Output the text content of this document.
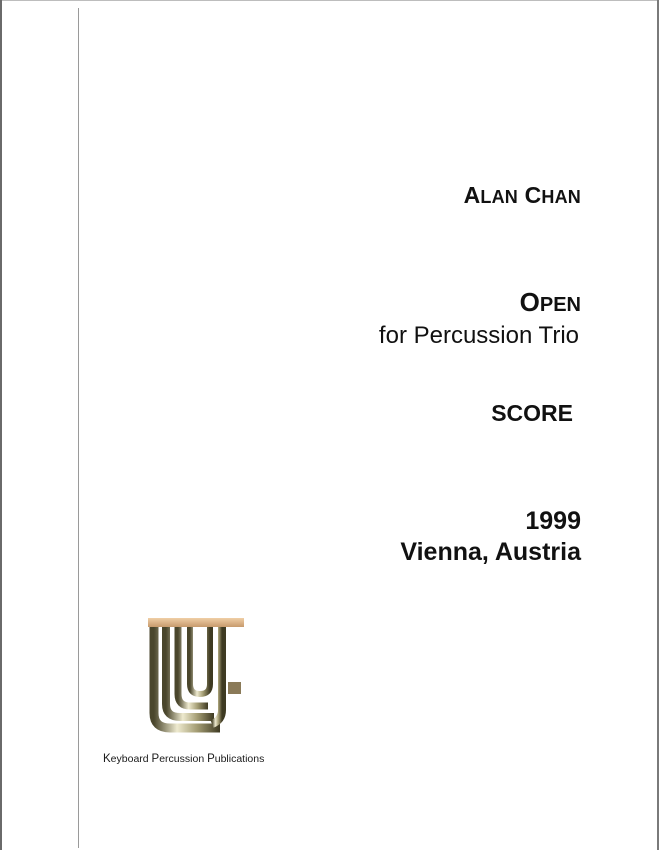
ALAN CHAN
OPEN
for Percussion Trio
SCORE
1999
Vienna, Austria
Keyboard Percussion Publications
